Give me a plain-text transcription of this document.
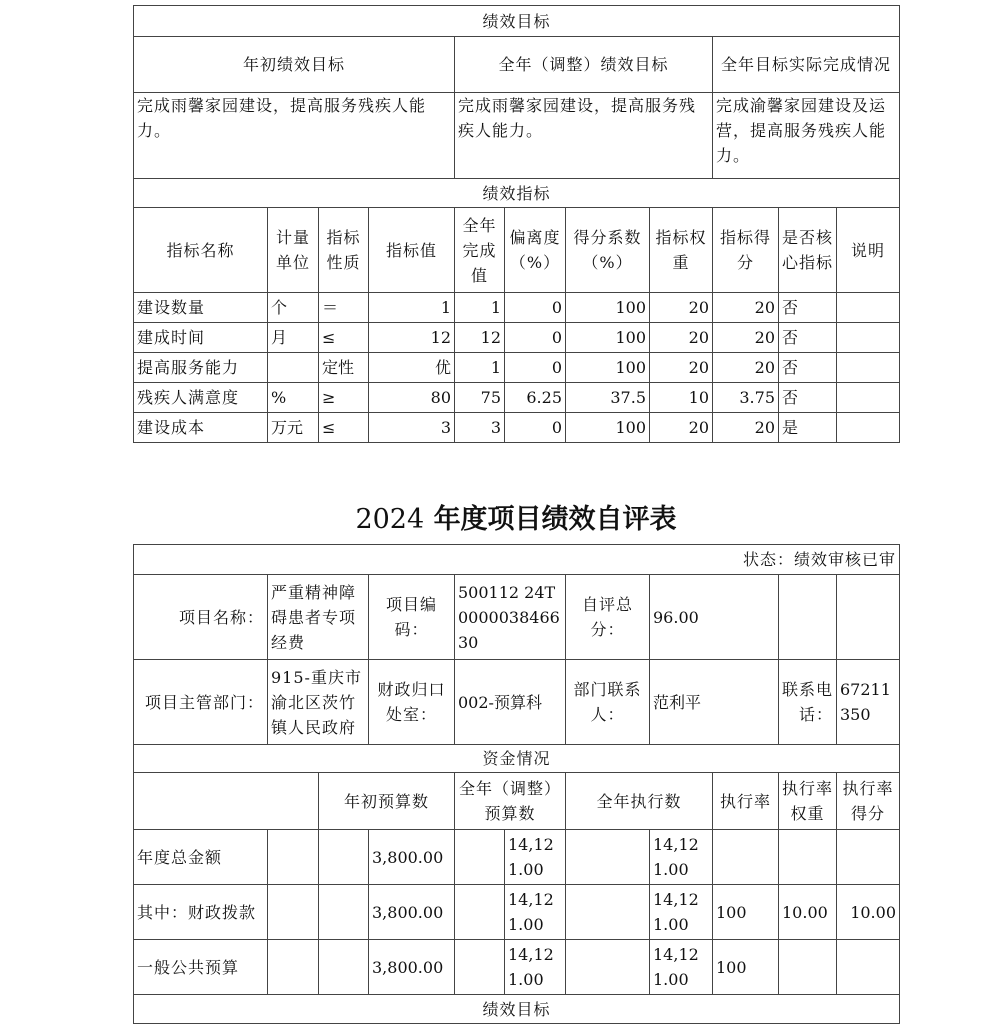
绩效目标										
年初绩效目标				全年（调整）绩效目标				全年目标实际完成情况		
完成雨馨家园建设，提高服务残疾人能力。				完成雨馨家园建设，提高服务残疾人能力。				完成渝馨家园建设及运营，提高服务残疾人能力。		
绩效指标										
指标名称	计量单位	指标性质	指标值	全年完成值	偏离度（%）	得分系数（%）	指标权重	指标得分	是否核心指标	说明
建设数量	个	＝	1	1	0	100	20	20	否	
建成时间	月	≤	12	12	0	100	20	20	否	
提高服务能力		定性	优	1	0	100	20	20	否	
残疾人满意度	%	≥	80	75	6.25	37.5	10	3.75	否	
建设成本	万元	≤	3	3	0	100	20	20	是	
2024 年度项目绩效自评表
状态：绩效审核已审										
项目名称：	严重精神障碍患者专项经费		项目编码：	500112 24T000003846630		自评总分：	96.00			
项目主管部门：	915-重庆市渝北区茨竹镇人民政府		财政归口处室：	002-预算科		部门联系人：	范利平		联系电话：	67211350
资金情况										
		年初预算数		全年（调整）预算数		全年执行数		执行率	执行率权重	执行率得分
年度总金额			3,800.00		14,121.00		14,121.00			
其中：财政拨款			3,800.00		14,121.00		14,121.00	100	10.00	10.00
一般公共预算			3,800.00		14,121.00		14,121.00	100		
绩效目标										
